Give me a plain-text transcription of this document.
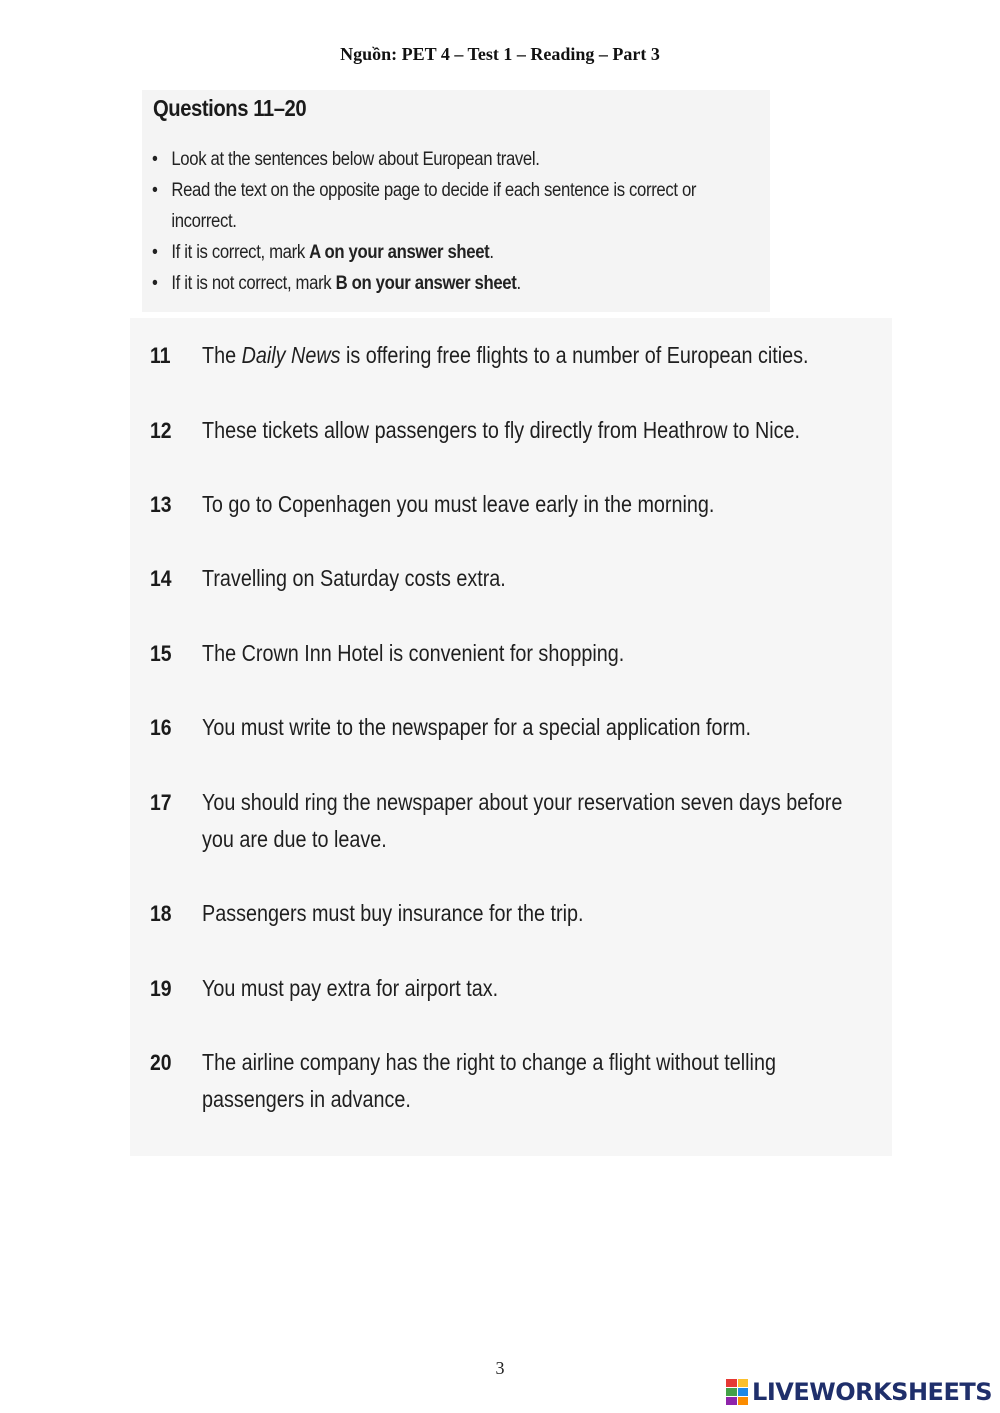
Nguồn: PET 4 – Test 1 – Reading – Part 3
Questions 11–20
• Look at the sentences below about European travel.
• Read the text on the opposite page to decide if each sentence is correct or incorrect.
• If it is correct, mark A on your answer sheet.
• If it is not correct, mark B on your answer sheet.
11 The Daily News is offering free flights to a number of European cities.
12 These tickets allow passengers to fly directly from Heathrow to Nice.
13 To go to Copenhagen you must leave early in the morning.
14 Travelling on Saturday costs extra.
15 The Crown Inn Hotel is convenient for shopping.
16 You must write to the newspaper for a special application form.
17 You should ring the newspaper about your reservation seven days before you are due to leave.
18 Passengers must buy insurance for the trip.
19 You must pay extra for airport tax.
20 The airline company has the right to change a flight without telling passengers in advance.
3
LIVEWORKSHEETS
